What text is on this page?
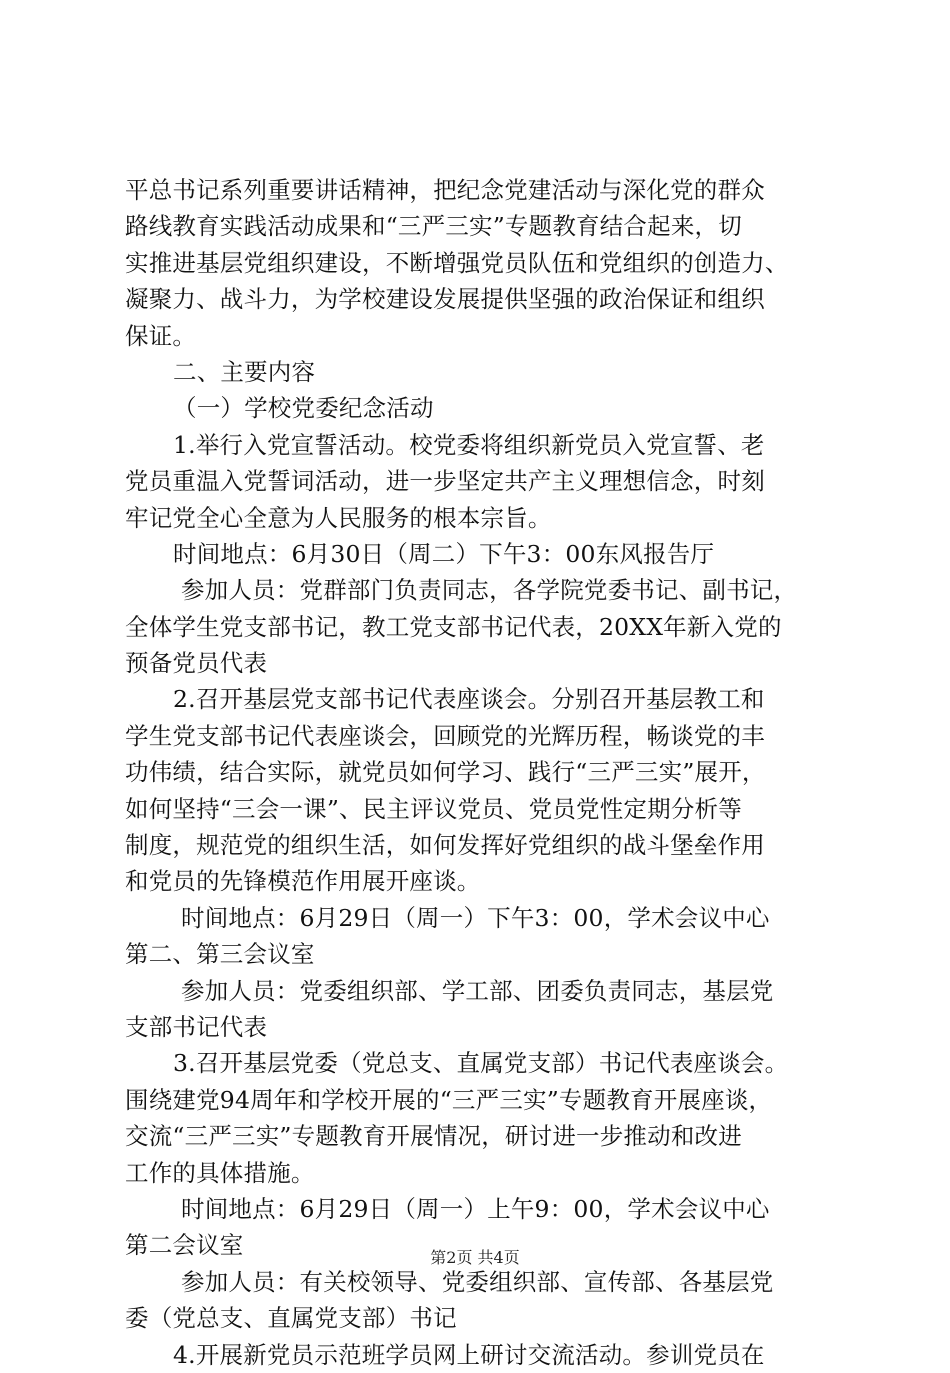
平总书记系列重要讲话精神，把纪念党建活动与深化党的群众
路线教育实践活动成果和“三严三实”专题教育结合起来，切
实推进基层党组织建设，不断增强党员队伍和党组织的创造力、
凝聚力、战斗力，为学校建设发展提供坚强的政治保证和组织
保证。
二、主要内容
（一）学校党委纪念活动
1.举行入党宣誓活动。校党委将组织新党员入党宣誓、老
党员重温入党誓词活动，进一步坚定共产主义理想信念，时刻
牢记党全心全意为人民服务的根本宗旨。
时间地点：6月30日（周二）下午3：00东风报告厅
参加人员：党群部门负责同志，各学院党委书记、副书记，
全体学生党支部书记，教工党支部书记代表，20XX年新入党的
预备党员代表
2.召开基层党支部书记代表座谈会。分别召开基层教工和
学生党支部书记代表座谈会，回顾党的光辉历程，畅谈党的丰
功伟绩，结合实际，就党员如何学习、践行“三严三实”展开，
如何坚持“三会一课”、民主评议党员、党员党性定期分析等
制度，规范党的组织生活，如何发挥好党组织的战斗堡垒作用
和党员的先锋模范作用展开座谈。
时间地点：6月29日（周一）下午3：00，学术会议中心
第二、第三会议室
参加人员：党委组织部、学工部、团委负责同志，基层党
支部书记代表
3.召开基层党委（党总支、直属党支部）书记代表座谈会。
围绕建党94周年和学校开展的“三严三实”专题教育开展座谈，
交流“三严三实”专题教育开展情况，研讨进一步推动和改进
工作的具体措施。
时间地点：6月29日（周一）上午9：00，学术会议中心
第二会议室
参加人员：有关校领导、党委组织部、宣传部、各基层党
委（党总支、直属党支部）书记
4.开展新党员示范班学员网上研讨交流活动。参训党员在
第2页 共4页
